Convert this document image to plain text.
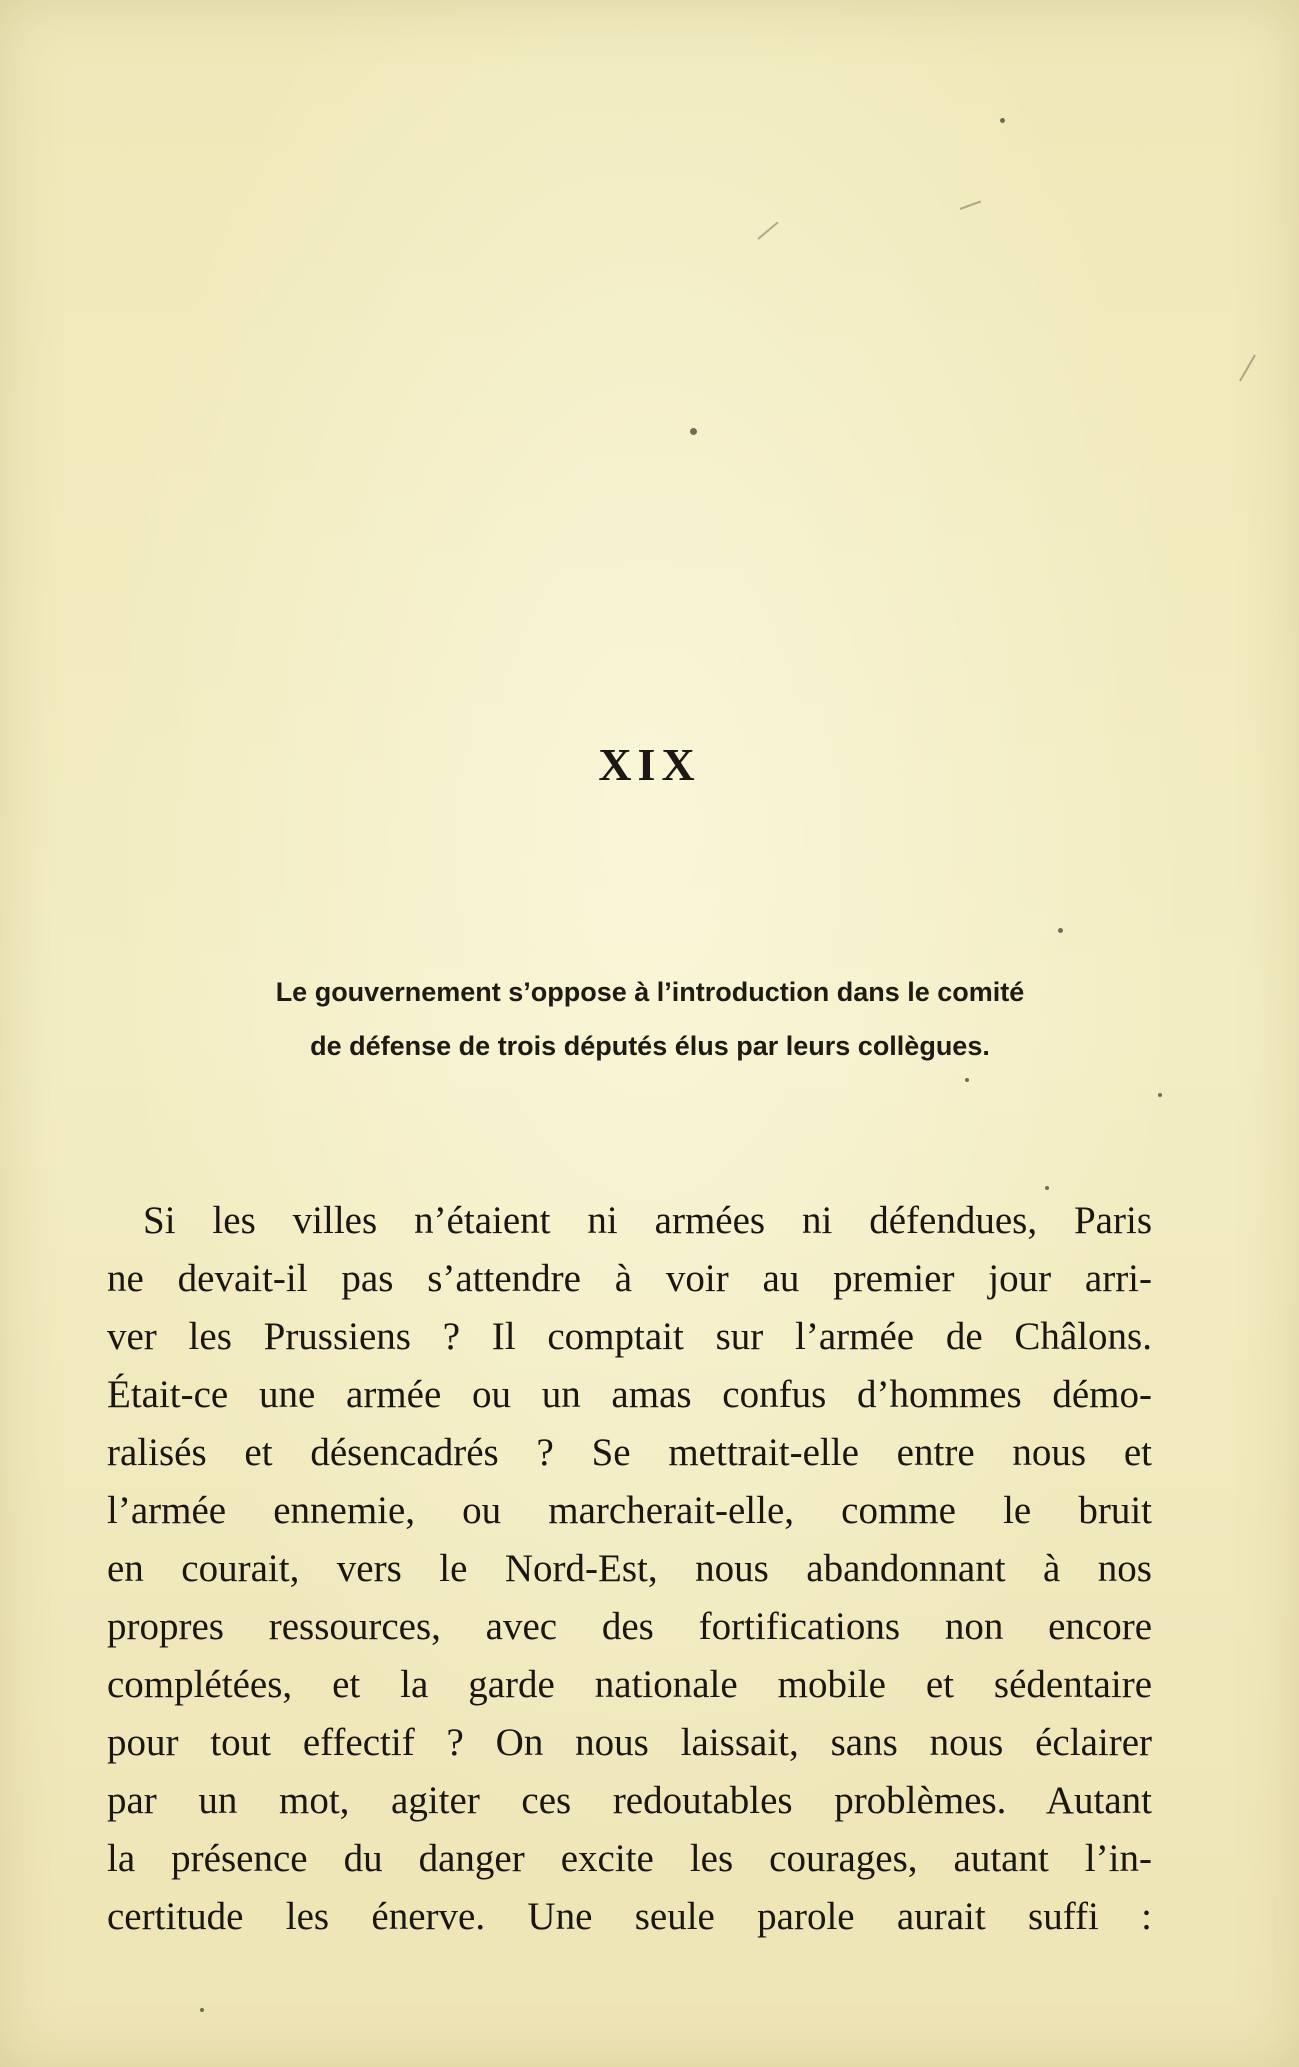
XIX
Le gouvernement s’oppose à l’introduction dans le comité
de défense de trois députés élus par leurs collègues.
Si les villes n’étaient ni armées ni défendues, Paris
ne devait-il pas s’attendre à voir au premier jour arri-
ver les Prussiens ? Il comptait sur l’armée de Châlons.
Était-ce une armée ou un amas confus d’hommes démo-
ralisés et désencadrés ? Se mettrait-elle entre nous et
l’armée ennemie, ou marcherait-elle, comme le bruit
en courait, vers le Nord-Est, nous abandonnant à nos
propres ressources, avec des fortifications non encore
complétées, et la garde nationale mobile et sédentaire
pour tout effectif ? On nous laissait, sans nous éclairer
par un mot, agiter ces redoutables problèmes. Autant
la présence du danger excite les courages, autant l’in-
certitude les énerve. Une seule parole aurait suffi :
